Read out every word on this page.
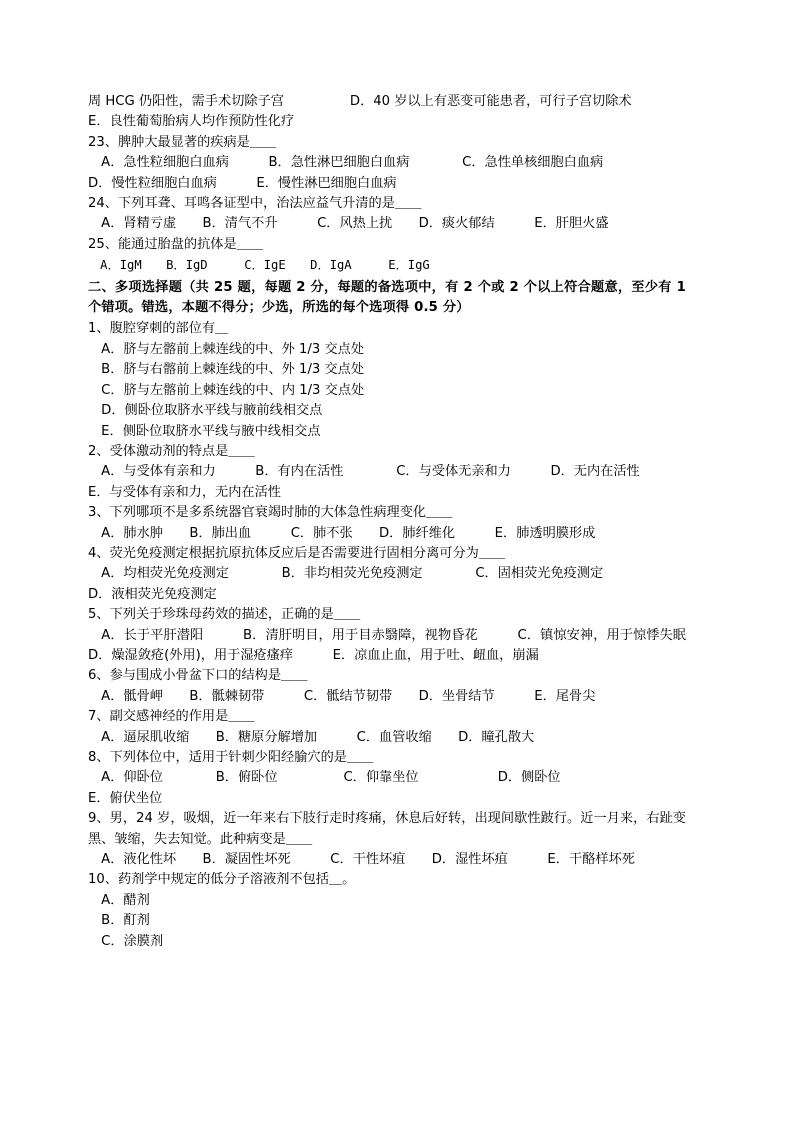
周 HCG 仍阳性，需手术切除子宫　　　　　D．40 岁以上有恶变可能患者，可行子宫切除术
E．良性葡萄胎病人均作预防性化疗
23、脾肿大最显著的疾病是＿＿
　A．急性粒细胞白血病　　　B．急性淋巴细胞白血病　　　　C．急性单核细胞白血病
D．慢性粒细胞白血病　　　E．慢性淋巴细胞白血病
24、下列耳聋、耳鸣各证型中，治法应益气升清的是＿＿
　A．肾精亏虚　　B．清气不升　　　C．风热上扰　　D．痰火郁结　　　E．肝胆火盛
25、能通过胎盘的抗体是＿＿
　A．IgM　　B．IgD　　　C．IgE　　D．IgA　　　E．IgG
二、多项选择题（共 25 题，每题 2 分，每题的备选项中，有 2 个或 2 个以上符合题意，至少有 1 个错项。错选，本题不得分；少选，所选的每个选项得 0.5 分）
1、腹腔穿刺的部位有＿
　A．脐与左髂前上棘连线的中、外 1/3 交点处
　B．脐与右髂前上棘连线的中、外 1/3 交点处
　C．脐与左髂前上棘连线的中、内 1/3 交点处
　D．侧卧位取脐水平线与腋前线相交点
　E．侧卧位取脐水平线与腋中线相交点
2、受体激动剂的特点是＿＿
　A．与受体有亲和力　　　B．有内在活性　　　　C．与受体无亲和力　　　D．无内在活性
E．与受体有亲和力，无内在活性
3、下列哪项不是多系统器官衰竭时肺的大体急性病理变化＿＿
　A．肺水肿　　B．肺出血　　　C．肺不张　　D．肺纤维化　　　E．肺透明膜形成
4、荧光免疫测定根据抗原抗体反应后是否需要进行固相分离可分为＿＿
　A．均相荧光免疫测定　　　　B．非均相荧光免疫测定　　　　C．固相荧光免疫测定
D．液相荧光免疫测定
5、下列关于珍珠母药效的描述，正确的是＿＿
　A．长于平肝潜阳　　　B．清肝明目，用于目赤翳障，视物昏花　　　C．镇惊安神，用于惊悸失眠　　　D．燥湿敛疮(外用)，用于湿疮瘙痒　　　E．凉血止血，用于吐、衄血，崩漏
6、参与围成小骨盆下口的结构是＿＿
　A．骶骨岬　　B．骶棘韧带　　　C．骶结节韧带　　D．坐骨结节　　　E．尾骨尖
7、副交感神经的作用是＿＿
　A．逼尿肌收缩　　B．糖原分解增加　　　C．血管收缩　　D．瞳孔散大
8、下列体位中，适用于针刺少阳经腧穴的是＿＿
　A．仰卧位　　　　B．俯卧位　　　　　C．仰靠坐位　　　　　　D．侧卧位
E．俯伏坐位
9、男，24 岁，吸烟，近一年来右下肢行走时疼痛，休息后好转，出现间歇性跛行。近一月来，右趾变黑、皱缩，失去知觉。此种病变是＿＿
　A．液化性坏　　B．凝固性坏死　　　C．干性坏疽　　D．湿性坏疽　　　E．干酪样坏死
10、药剂学中规定的低分子溶液剂不包括＿。
　A．醋剂
　B．酊剂
　C．涂膜剂
